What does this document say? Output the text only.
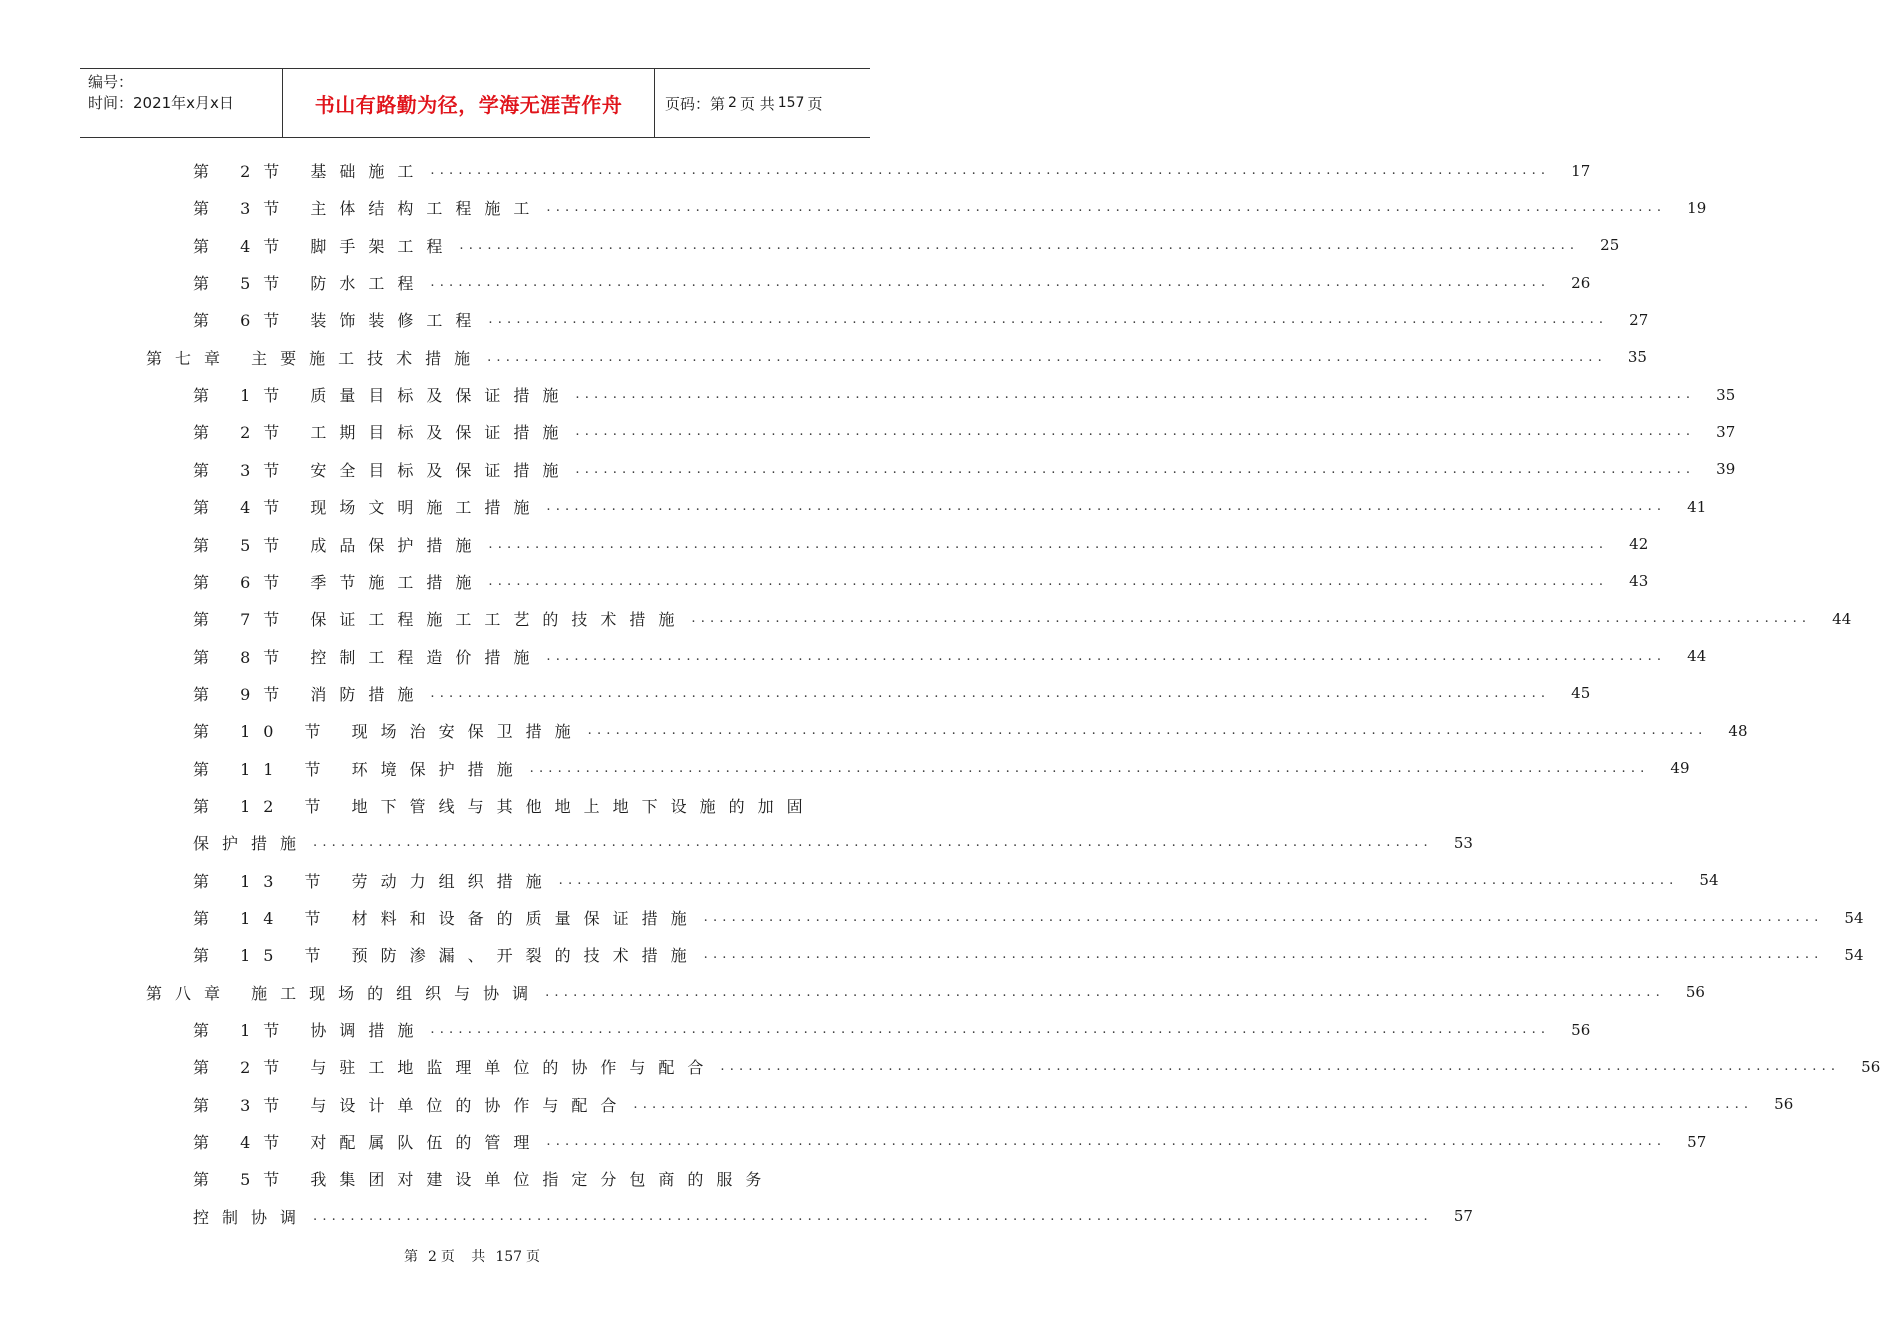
编号：
时间：2021年x月x日	书山有路勤为径，学海无涯苦作舟	页码：第 2 页 共 157 页
第 2节 基础施工 ........................................................................................................................	17
第 3节 主体结构工程施工 ........................................................................................................................	19
第 4节 脚手架工程 ........................................................................................................................	25
第 5节 防水工程 ........................................................................................................................	26
第 6节 装饰装修工程 ........................................................................................................................	27
第七章 主要施工技术措施 ........................................................................................................................	35
第 1节 质量目标及保证措施 ........................................................................................................................	35
第 2节 工期目标及保证措施 ........................................................................................................................	37
第 3节 安全目标及保证措施 ........................................................................................................................	39
第 4节 现场文明施工措施 ........................................................................................................................	41
第 5节 成品保护措施 ........................................................................................................................	42
第 6节 季节施工措施 ........................................................................................................................	43
第 7节 保证工程施工工艺的技术措施 ........................................................................................................................	44
第 8节 控制工程造价措施 ........................................................................................................................	44
第 9节 消防措施 ........................................................................................................................	45
第 10 节 现场治安保卫措施 ........................................................................................................................	48
第 11 节 环境保护措施 ........................................................................................................................	49
第 12 节 地下管线与其他地上地下设施的加固
保护措施 ........................................................................................................................	53
第 13 节 劳动力组织措施 ........................................................................................................................	54
第 14 节 材料和设备的质量保证措施 ........................................................................................................................	54
第 15 节 预防渗漏、开裂的技术措施 ........................................................................................................................	54
第八章 施工现场的组织与协调 ........................................................................................................................	56
第 1节 协调措施 ........................................................................................................................	56
第 2节 与驻工地监理单位的协作与配合 ........................................................................................................................	56
第 3节 与设计单位的协作与配合 ........................................................................................................................	56
第 4节 对配属队伍的管理 ........................................................................................................................	57
第 5节 我集团对建设单位指定分包商的服务
控制协调 ........................................................................................................................	57
第 2 页 共 157 页
